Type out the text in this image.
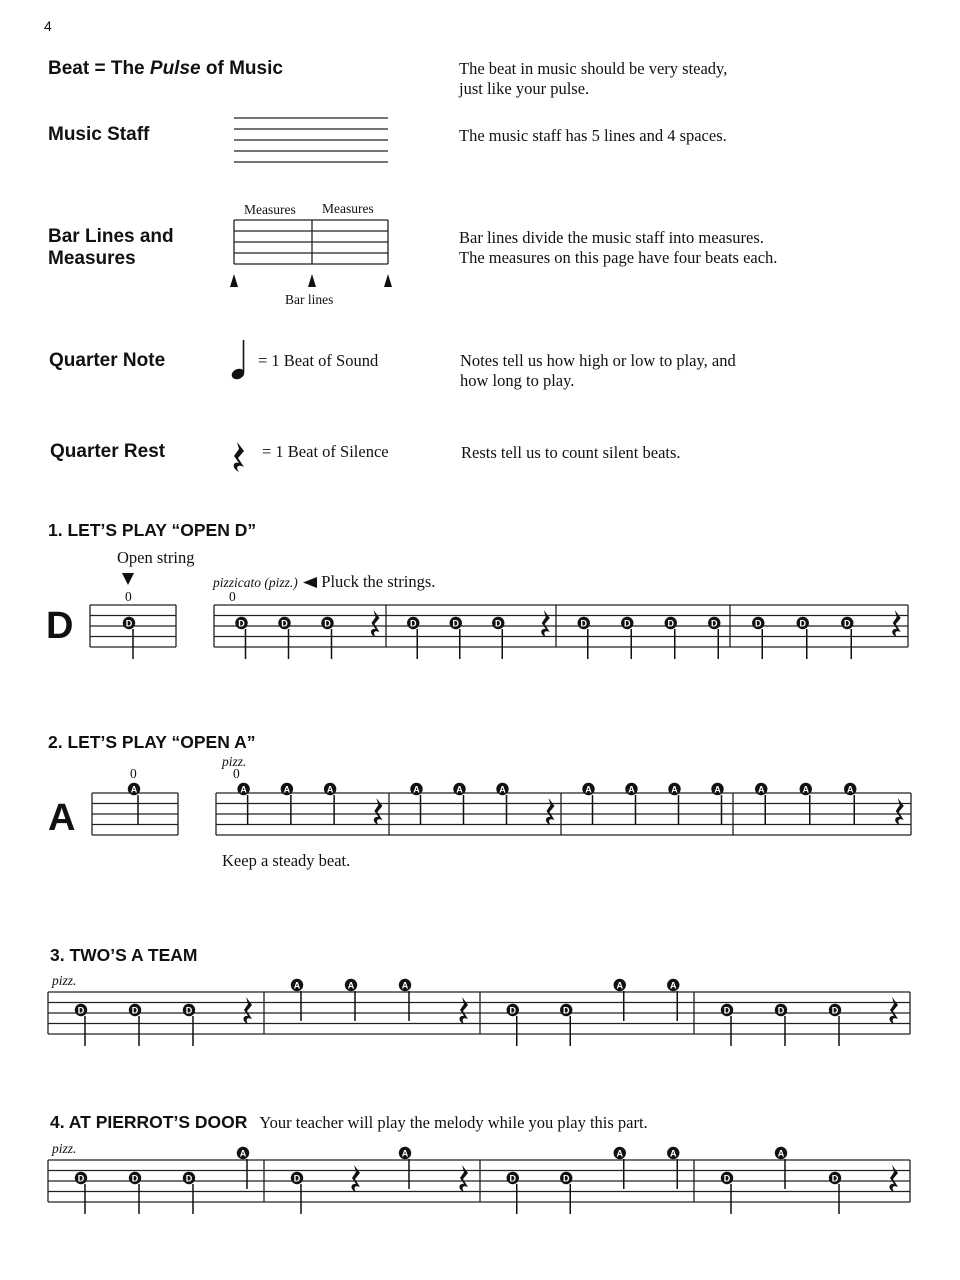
4
Beat = The Pulse of Music	The beat in music should be very steady,
just like your pulse.
Music Staff	The music staff has 5 lines and 4 spaces.
Measures Measures
Bar Lines and
Measures
Bar lines
Bar lines divide the music staff into measures.
The measures on this page have four beats each.
Quarter Note	= 1 Beat of Sound	Notes tell us how high or low to play, and
how long to play.
Quarter Rest	= 1 Beat of Silence	Rests tell us to count silent beats.
1. LET’S PLAY “OPEN D”
Open string
0
D
pizzicato (pizz.) Pluck the strings.
0
D	D	D	D	D	D	D	D	D	D	D	D	D	D
2. LET’S PLAY “OPEN A”
0
pizz.
0
A
A	A	A	A	A	A	A	A	A	A	A	A	A	A
Keep a steady beat.
3. TWO’S A TEAM
pizz.
D	D	D
A	A	A
D	D
A	A
D	D	D
4. AT PIERROT’S DOOR Your teacher will play the melody while you play this part.
pizz.
D	D	D
A
D
A
D	D
A	A
D
A
D
